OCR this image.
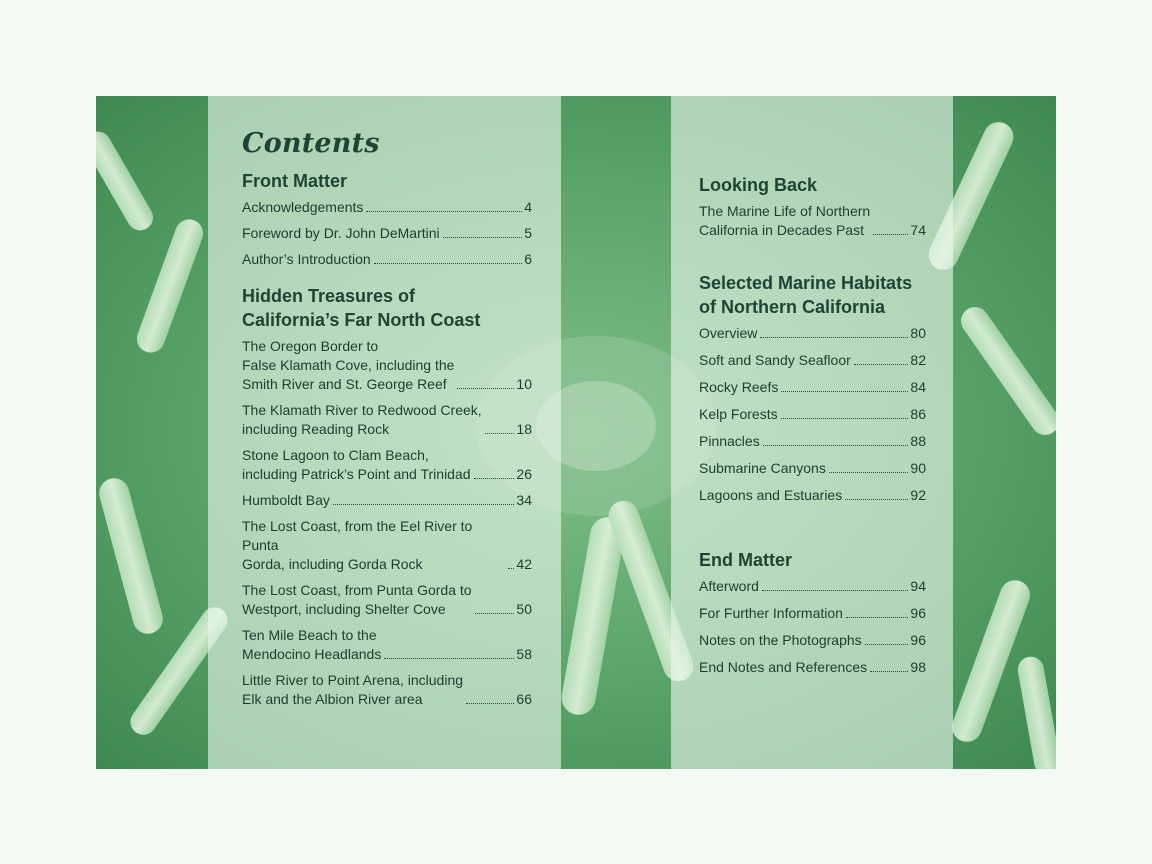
Contents
Front Matter
Acknowledgements	4
Foreword by Dr. John DeMartini	5
Author’s Introduction	6
Hidden Treasures of
California’s Far North Coast
The Oregon Border to
False Klamath Cove, including the
Smith River and St. George Reef	10
The Klamath River to Redwood Creek,
including Reading Rock	18
Stone Lagoon to Clam Beach,
including Patrick’s Point and Trinidad	26
Humboldt Bay	34
The Lost Coast, from the Eel River to Punta
Gorda, including Gorda Rock	42
The Lost Coast, from Punta Gorda to
Westport, including Shelter Cove	50
Ten Mile Beach to the
Mendocino Headlands	58
Little River to Point Arena, including
Elk and the Albion River area	66
Looking Back
The Marine Life of Northern
California in Decades Past	74
Selected Marine Habitats
of Northern California
Overview	80
Soft and Sandy Seafloor	82
Rocky Reefs	84
Kelp Forests	86
Pinnacles	88
Submarine Canyons	90
Lagoons and Estuaries	92
End Matter
Afterword	94
For Further Information	96
Notes on the Photographs	96
End Notes and References	98
